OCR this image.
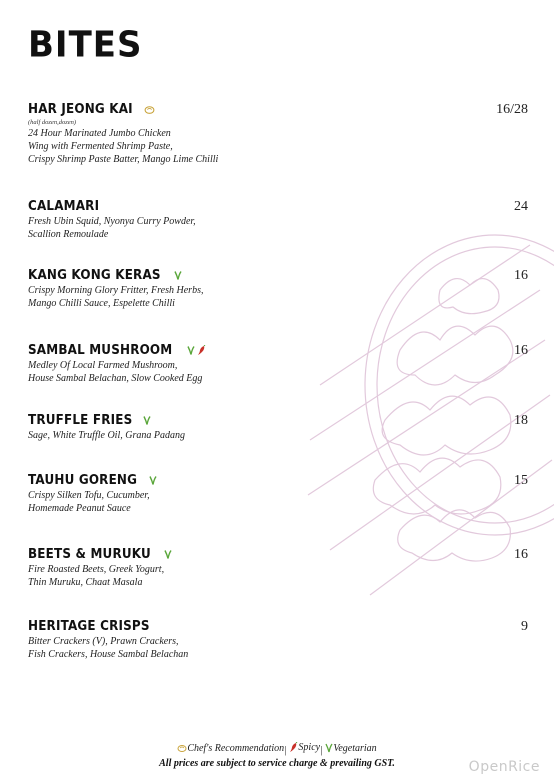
BITES
HAR JEONG KAI	16/28
(half dozen,dozen)
24 Hour Marinated Jumbo Chicken
Wing with Fermented Shrimp Paste,
Crispy Shrimp Paste Batter, Mango Lime Chilli
CALAMARI	24
Fresh Ubin Squid, Nyonya Curry Powder,
Scallion Remoulade
KANG KONG KERAS	16
Crispy Morning Glory Fritter, Fresh Herbs,
Mango Chilli Sauce, Espelette Chilli
SAMBAL MUSHROOM	16
Medley Of Local Farmed Mushroom,
House Sambal Belachan, Slow Cooked Egg
TRUFFLE FRIES	18
Sage, White Truffle Oil, Grana Padang
TAUHU GORENG	15
Crispy Silken Tofu, Cucumber,
Homemade Peanut Sauce
BEETS & MURUKU	16
Fire Roasted Beets, Greek Yogurt,
Thin Muruku, Chaat Masala
HERITAGE CRISPS	9
Bitter Crackers (V), Prawn Crackers,
Fish Crackers, House Sambal Belachan
Chef's Recommendation | Spicy | Vegetarian
All prices are subject to service charge & prevailing GST.	OpenRice
